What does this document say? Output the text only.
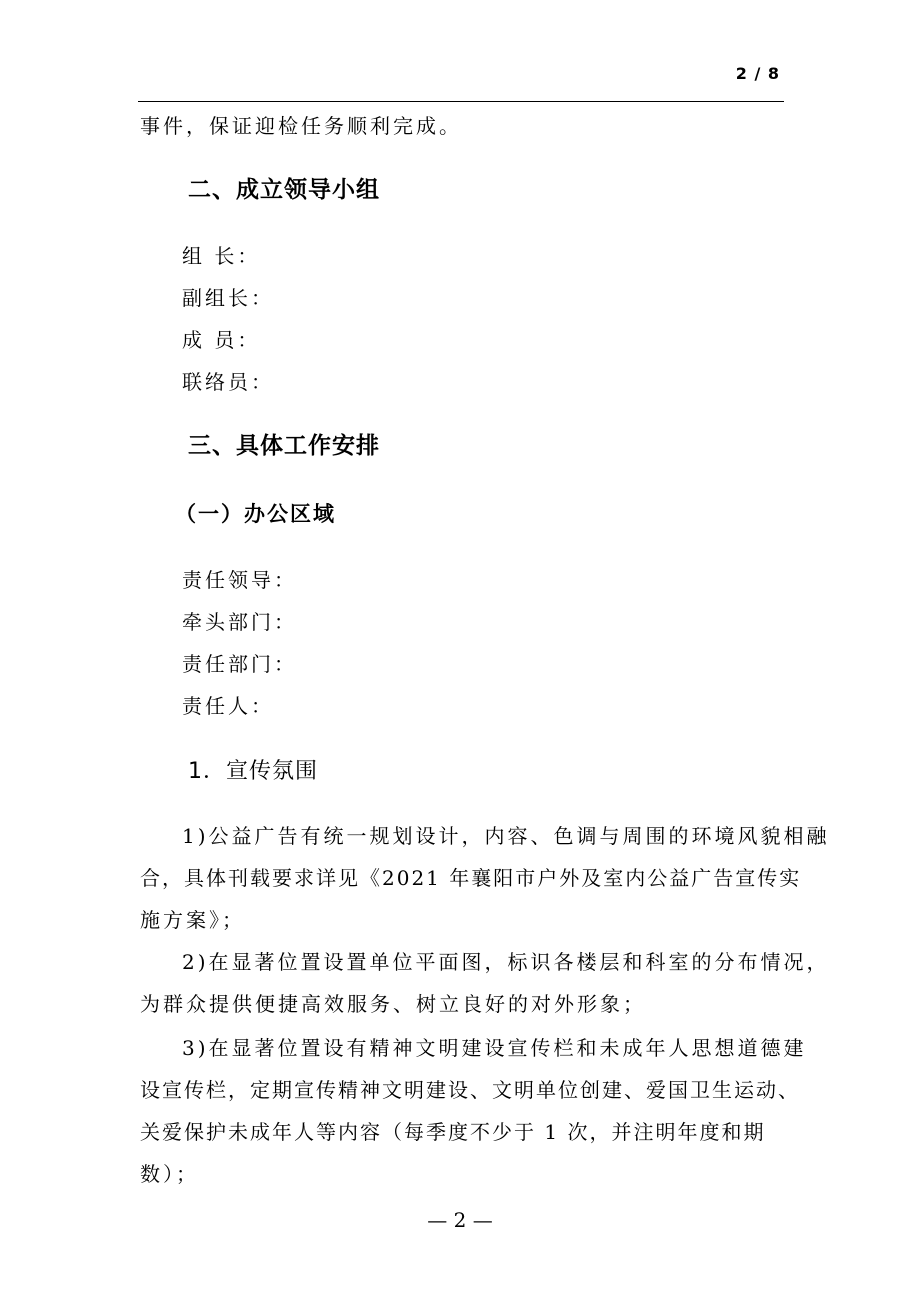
2 / 8
事件，保证迎检任务顺利完成。
二、成立领导小组
组 长：
副组长：
成 员：
联络员：
三、具体工作安排
（一）办公区域
责任领导：
牵头部门：
责任部门：
责任人：
1．宣传氛围
1)公益广告有统一规划设计，内容、色调与周围的环境风貌相融
合，具体刊载要求详见《2021 年襄阳市户外及室内公益广告宣传实
施方案》；
2)在显著位置设置单位平面图，标识各楼层和科室的分布情况，
为群众提供便捷高效服务、树立良好的对外形象；
3)在显著位置设有精神文明建设宣传栏和未成年人思想道德建
设宣传栏，定期宣传精神文明建设、文明单位创建、爱国卫生运动、
关爱保护未成年人等内容（每季度不少于 1 次，并注明年度和期
数）；
— 2 —
